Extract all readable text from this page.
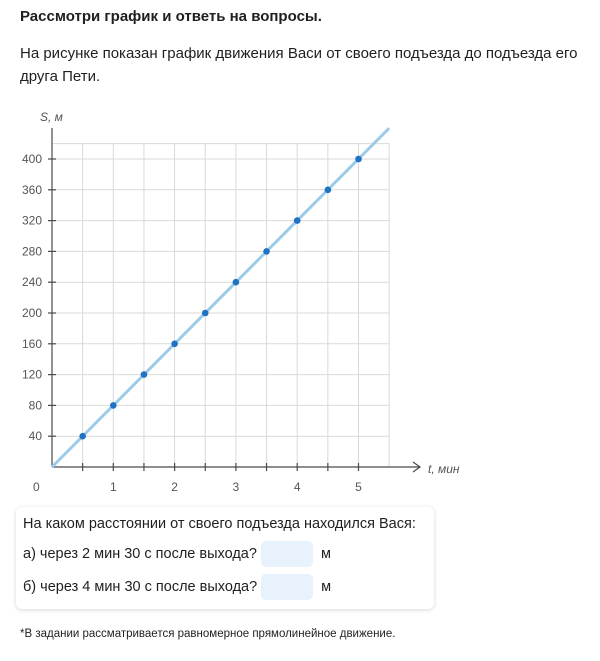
Рассмотри график и ответь на вопросы.
На рисунке показан график движения Васи от своего подъезда до подъезда его друга Пети.
S, м
t, мин
0	1	2	3	4	5
40
80
120
160
200
240
280
320
360
400
На каком расстоянии от своего подъезда находился Вася:
а) через 2 мин 30 с после выхода?	м
б) через 4 мин 30 с после выхода?	м
*В задании рассматривается равномерное прямолинейное движение.
